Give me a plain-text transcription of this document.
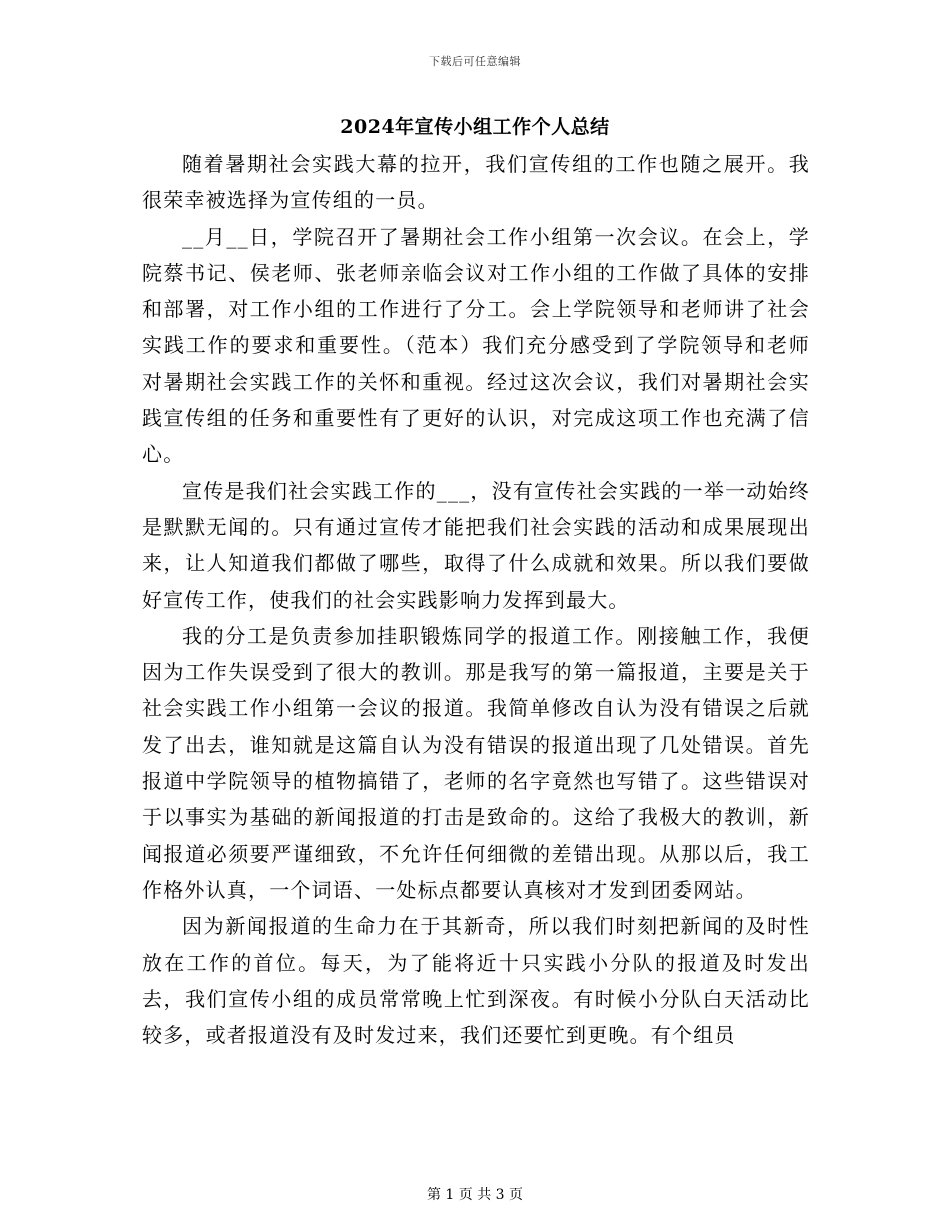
下载后可任意编辑
2024年宣传小组工作个人总结

随着暑期社会实践大幕的拉开，我们宣传组的工作也随之展开。我很荣幸被选择为宣传组的一员。

__月__日，学院召开了暑期社会工作小组第一次会议。在会上，学院蔡书记、侯老师、张老师亲临会议对工作小组的工作做了具体的安排和部署，对工作小组的工作进行了分工。会上学院领导和老师讲了社会实践工作的要求和重要性。（范本）我们充分感受到了学院领导和老师对暑期社会实践工作的关怀和重视。经过这次会议，我们对暑期社会实践宣传组的任务和重要性有了更好的认识，对完成这项工作也充满了信心。

宣传是我们社会实践工作的___，没有宣传社会实践的一举一动始终是默默无闻的。只有通过宣传才能把我们社会实践的活动和成果展现出来，让人知道我们都做了哪些，取得了什么成就和效果。所以我们要做好宣传工作，使我们的社会实践影响力发挥到最大。

我的分工是负责参加挂职锻炼同学的报道工作。刚接触工作，我便因为工作失误受到了很大的教训。那是我写的第一篇报道，主要是关于社会实践工作小组第一会议的报道。我简单修改自认为没有错误之后就发了出去，谁知就是这篇自认为没有错误的报道出现了几处错误。首先报道中学院领导的植物搞错了，老师的名字竟然也写错了。这些错误对于以事实为基础的新闻报道的打击是致命的。这给了我极大的教训，新闻报道必须要严谨细致，不允许任何细微的差错出现。从那以后，我工作格外认真，一个词语、一处标点都要认真核对才发到团委网站。

因为新闻报道的生命力在于其新奇，所以我们时刻把新闻的及时性放在工作的首位。每天，为了能将近十只实践小分队的报道及时发出去，我们宣传小组的成员常常晚上忙到深夜。有时候小分队白天活动比较多，或者报道没有及时发过来，我们还要忙到更晚。有个组员

第 1 页 共 3 页
